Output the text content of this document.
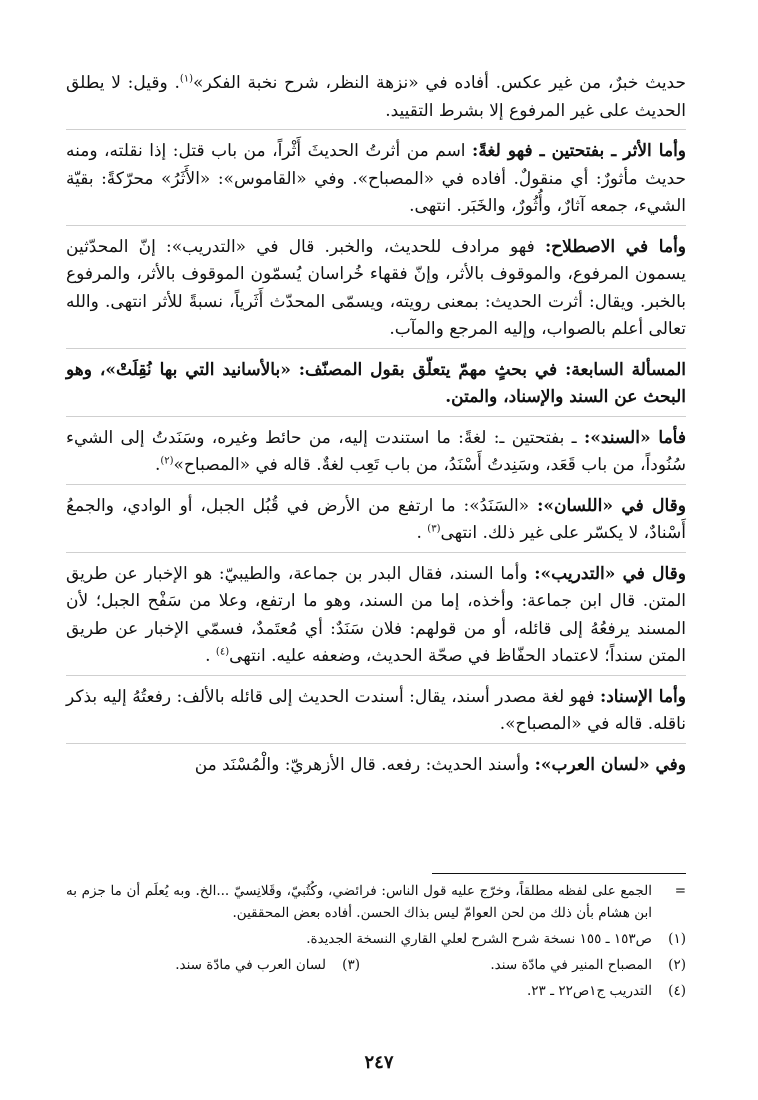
حديث خبرٌ، من غير عكس. أفاده في «نزهة النظر، شرح نخبة الفكر»$^{(١)}$. وقيل: لا يطلق الحديث على غير المرفوع إلا بشرط التقييد.

وأما الأثر ـ بفتحتين ـ فهو لغةً: اسم من أثرتُ الحديثَ أَثْراً، من باب قتل: إذا نقلته، ومنه حديث مأثورٌ: أي منقولٌ. أفاده في «المصباح». وفي «القاموس»: «الأَثَرُ» محرّكةً: بقيّة الشيء، جمعه آثارٌ، وأُثُورٌ، والخَبَر. انتهى.

وأما في الاصطلاح: فهو مرادف للحديث، والخبر. قال في «التدريب»: إنّ المحدّثين يسمون المرفوع، والموقوف بالأثر، وإنّ فقهاء خُراسان يُسمّون الموقوف بالأثر، والمرفوع بالخبر. ويقال: أثرت الحديث: بمعنى رويته، ويسمّى المحدّث أَثَرياً، نسبةً للأثر انتهى. والله تعالى أعلم بالصواب، وإليه المرجع والمآب.

المسألة السابعة: في بحثٍ مهمّ يتعلّق بقول المصنّف: «بالأسانيد التي بها نُقِلَتْ»، وهو البحث عن السند والإسناد، والمتن.

فأما «السند»: ـ بفتحتين ـ: لغةً: ما استندت إليه، من حائط وغيره، وسَنَدتُ إلى الشيء سُنُوداً، من باب قَعَد، وسَنِدتُ أَسْنَدُ، من باب تَعِب لغةٌ. قاله في «المصباح»$^{(٢)}$.

وقال في «اللسان»: «السَنَدُ»: ما ارتفع من الأرض في قُبُل الجبل، أو الوادي، والجمعُ أَسْنادٌ، لا يكسّر على غير ذلك. انتهى$^{(٣)}$ .

وقال في «التدريب»: وأما السند، فقال البدر بن جماعة، والطيبيّ: هو الإخبار عن طريق المتن. قال ابن جماعة: وأخذه، إما من السند، وهو ما ارتفع، وعلا من سَفْح الجبل؛ لأن المسند يرفعُهُ إلى قائله، أو من قولهم: فلان سَنَدٌ: أي مُعتَمدٌ، فسمّي الإخبار عن طريق المتن سنداً؛ لاعتماد الحفّاظ في صحّة الحديث، وضعفه عليه. انتهى$^{(٤)}$ .

وأما الإسناد: فهو لغة مصدر أسند، يقال: أسندت الحديث إلى قائله بالألف: رفعتُهُ إليه بذكر ناقله. قاله في «المصباح».

وفي «لسان العرب»: وأسند الحديث: رفعه. قال الأزهريّ: والْمُسْنَد من

=
الجمع على لفظه مطلقاً، وخرّج عليه قول الناس: فرائضي، وكُتُبيّ، وقَلانِسيّ ...الخ. وبه يُعلَم أن ما جزم به ابن هشام بأن ذلك من لحن العوامّ ليس بذاك الحسن. أفاده بعض المحققين.
(١)
ص١٥٣ ـ ١٥٥ نسخة شرح الشرح لعلي القاري النسخة الجديدة.
(٢)
المصباح المنير في مادّة سند.
(٣)
لسان العرب في مادّة سند.
(٤)
التدريب ج١ص٢٢ ـ ٢٣.
٢٤٧
